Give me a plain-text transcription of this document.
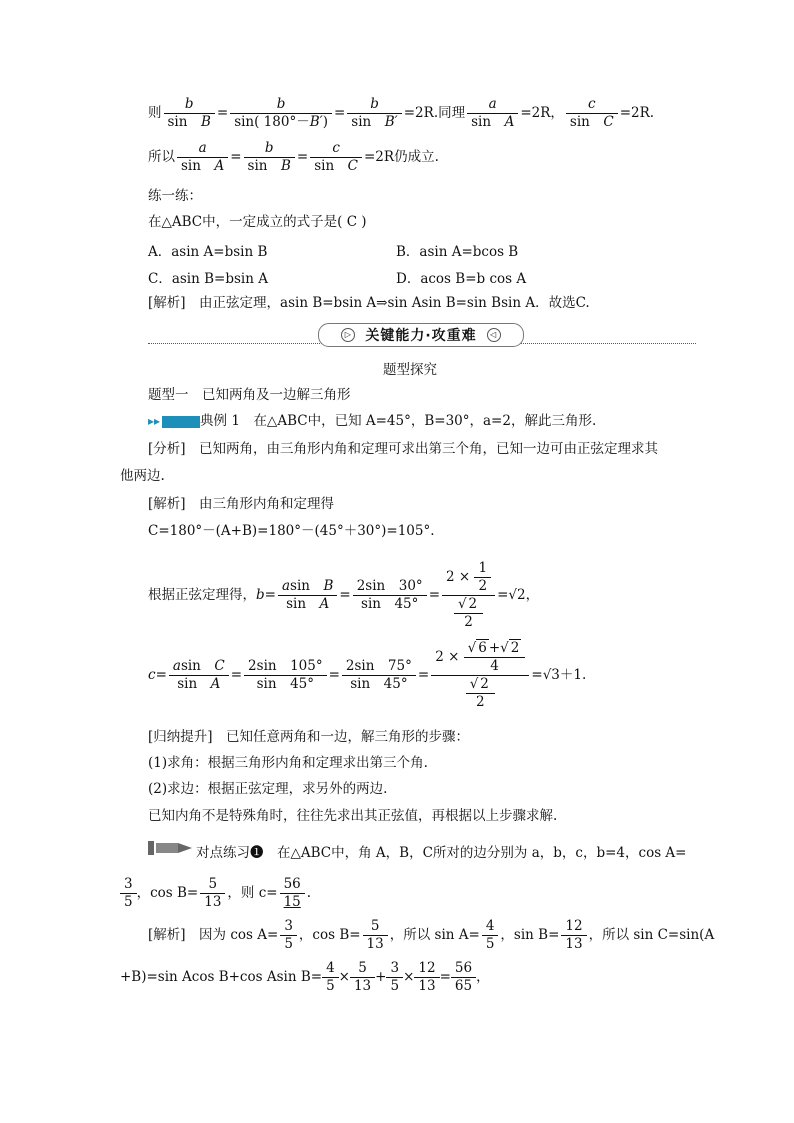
则 $\frac{b}{\text{sin　B}} = \frac{b}{\sin( 180^\circ-B')} = \frac{b}{\text{sin　B′}} =2R$.同理 $\frac{a}{\text{sin　A}} =2R$， $\frac{c}{\text{sin　C}} =2R$.
所以 $\frac{a}{\text{sin　A}} = \frac{b}{\text{sin　B}} = \frac{c}{\text{sin　C}} =2R$仍成立.
练一练：
在△ABC中，一定成立的式子是( C )
A．asin A=bsin B	B．asin A=bcos B
C．asin B=bsin A	D．acos B=b cos A
[解析]　 由正弦定理，asin B=bsin A⇒sin Asin B=sin Bsin A．故选C.
▷ 关键能力·攻重难	◁
题型探究
题型一　已知两角及一边解三角形
▸▸	典例 1　 在△ABC中，已知 A=45°，B=30°，a=2，解此三角形.
[分析]　 已知两角，由三角形内角和定理可求出第三个角，已知一边可由正弦定理求其
他两边.
[解析]　 由三角形内角和定理得
C=180°－(A+B)=180°－(45°＋30°)=105°.
根据正弦定理得，$b= \frac{\text{asin　B}}{\text{sin　A}} = \frac{2\sin 30^\circ}{\sin 45^\circ} = \frac{2 \times \frac{1}{2}}{\frac{√ 2}{2}} =√2$，
$c= \frac{\text{asin　C}}{\text{sin　A}} = \frac{2\sin 105^\circ}{\sin 45^\circ} = \frac{2\sin 75^\circ}{\sin 45^\circ} = \frac{2 \times \frac{√ 6 +√ 2}{4}}{\frac{√ 2}{2}} =√3+1$.
[归纳提升]　 已知任意两角和一边，解三角形的步骤：
(1)求角：根据三角形内角和定理求出第三个角.
(2)求边：根据正弦定理，求另外的两边.
已知内角不是特殊角时，往往先求出其正弦值，再根据以上步骤求解.
对点练习❶　 在△ABC中，角 A，B，C所对的边分别为 a，b，c，b=4，cos A=
$\frac{3}{5}$ ，$\cos B= \frac{5}{13}$ ，则 $c= \frac{56}{15}$ .
[解析]　 因为 $\cos A= \frac{3}{5}$ ，$\cos B= \frac{5}{13}$ ，所以 $\sin A= \frac{4}{5}$ ，$\sin B= \frac{12}{13}$ ，所以 sin C=sin(A
+B)=sin Acos B+cos Asin $B= \frac{4}{5} \times \frac{5}{13} + \frac{3}{5} \times \frac{12}{13} = \frac{56}{65}$ ，
